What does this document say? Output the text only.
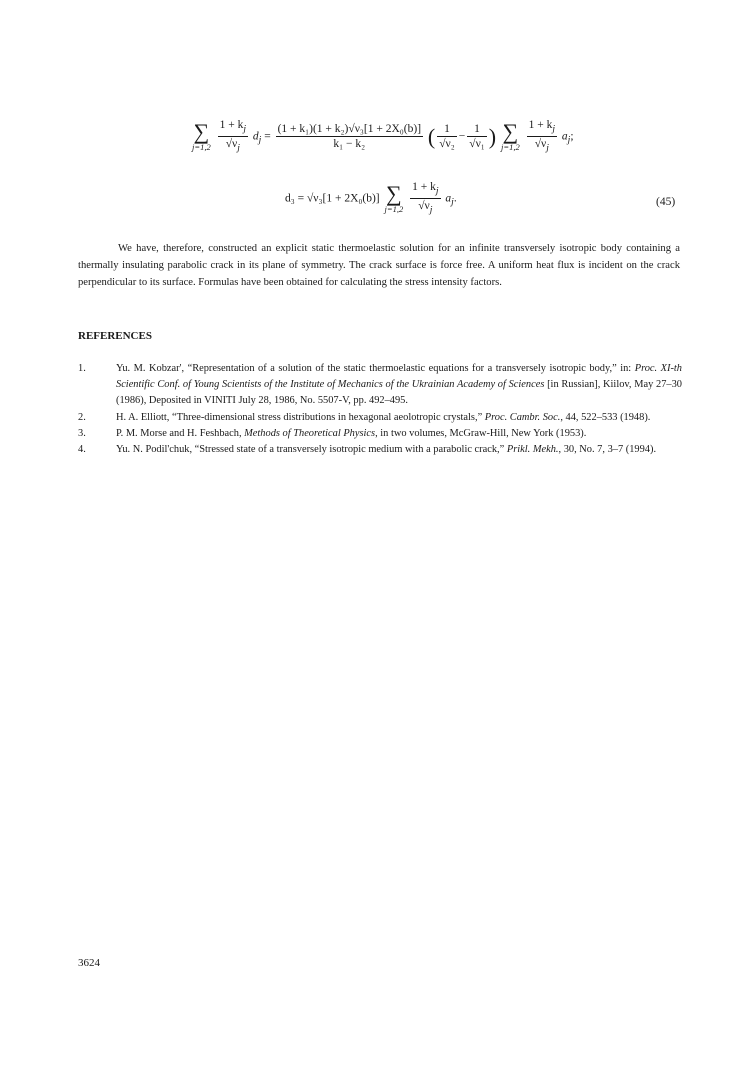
∑
j=1,2
$\frac{1 + k_j}{√\nu_j} d_j = \frac{\text{(1 + k₁)(1 + k₂)√ν₃[1 + 2X₀(b)]}}{\text{k₁ − k₂}}$ ( $\frac{1}{\text{√ν₂}} - \frac{1}{\text{√ν₁}}$ ) ∑
j=1,2
$\frac{1 + k_j}{√\nu_j} a_j$;
d₃ = √ν₃[1 + 2X₀(b)] ∑
j=1,2
$\frac{1 + k_j}{√\nu_j} a_j$.	(45)

We have, therefore, constructed an explicit static thermoelastic solution for an infinite transversely isotropic body containing a thermally insulating parabolic crack in its plane of symmetry. The crack surface is force free. A uniform heat flux is incident on the crack perpendicular to its surface. Formulas have been obtained for calculating the stress intensity factors.

REFERENCES
1.	Yu. M. Kobzar', “Representation of a solution of the static thermoelastic equations for a transversely isotropic body,” in: Proc. XI-th Scientific Conf. of Young Scientists of the Institute of Mechanics of the Ukrainian Academy of Sciences [in Russian], Kiilov, May 27–30 (1986), Deposited in VINITI July 28, 1986, No. 5507-V, pp. 492–495.
2.	H. A. Elliott, “Three-dimensional stress distributions in hexagonal aeolotropic crystals,” Proc. Cambr. Soc., 44, 522–533 (1948).
3.	P. M. Morse and H. Feshbach, Methods of Theoretical Physics, in two volumes, McGraw-Hill, New York (1953).
4.	Yu. N. Podil'chuk, “Stressed state of a transversely isotropic medium with a parabolic crack,” Prikl. Mekh., 30, No. 7, 3–7 (1994).

3624
